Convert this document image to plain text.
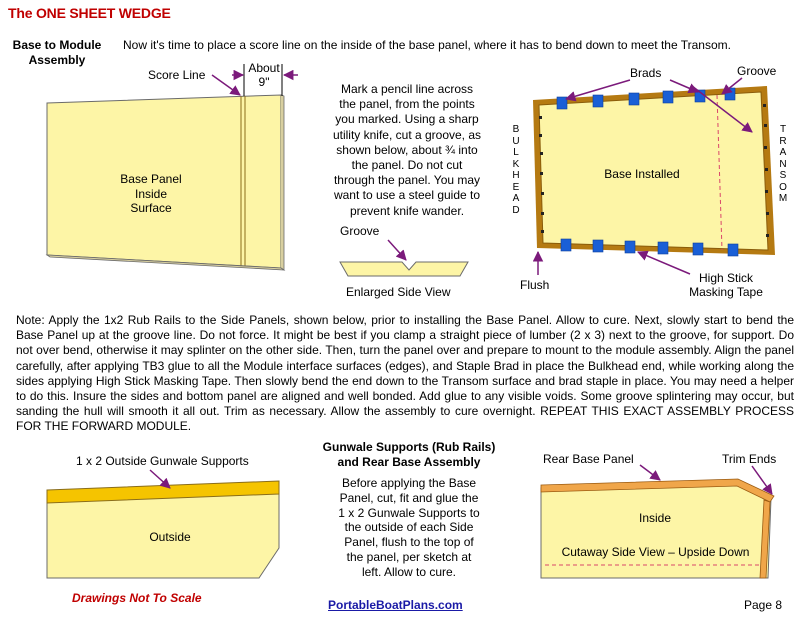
The ONE SHEET WEDGE
Base to Module Assembly
Now it's time to place a score line on the inside of the base panel, where it has to bend down to meet the Transom.
Score Line	About
9"
Base Panel
Inside
Surface
Mark a pencil line across
the panel, from the points
you marked. Using a sharp
utility knife, cut a groove, as
shown below, about ¾ into
the panel. Do not cut
through the panel. You may
want to use a steel guide to
prevent knife wander.
Groove
Enlarged Side View
Brads	Groove
BULKHEAD
TRANSOM
Base Installed
Flush	High Stick
Masking Tape
Note: Apply the 1x2 Rub Rails to the Side Panels, shown below, prior to installing the Base Panel. Allow to cure. Next, slowly start to bend the Base Panel up at the groove line. Do not force. It might be best if you clamp a straight piece of lumber (2 x 3) next to the groove, for support. Do not over bend, otherwise it may splinter on the other side. Then, turn the panel over and prepare to mount to the module assembly. Align the panel carefully, after applying TB3 glue to all the Module interface surfaces (edges), and Staple Brad in place the Bulkhead end, while working along the sides applying High Stick Masking Tape. Then slowly bend the end down to the Transom surface and brad staple in place. You may need a helper to do this. Insure the sides and bottom panel are aligned and well bonded. Add glue to any visible voids. Some groove splintering may occur, but sanding the hull will smooth it all out. Trim as necessary. Allow the assembly to cure overnight. REPEAT THIS EXACT ASSEMBLY PROCESS FOR THE FORWARD MODULE.
1 x 2 Outside Gunwale Supports
Outside
Gunwale Supports (Rub Rails)
and Rear Base Assembly
Before applying the Base
Panel, cut, fit and glue the
1 x 2 Gunwale Supports to
the outside of each Side
Panel, flush to the top of
the panel, per sketch at
left. Allow to cure.
Rear Base Panel	Trim Ends
Inside
Cutaway Side View – Upside Down
Drawings Not To Scale	PortableBoatPlans.com	Page 8
